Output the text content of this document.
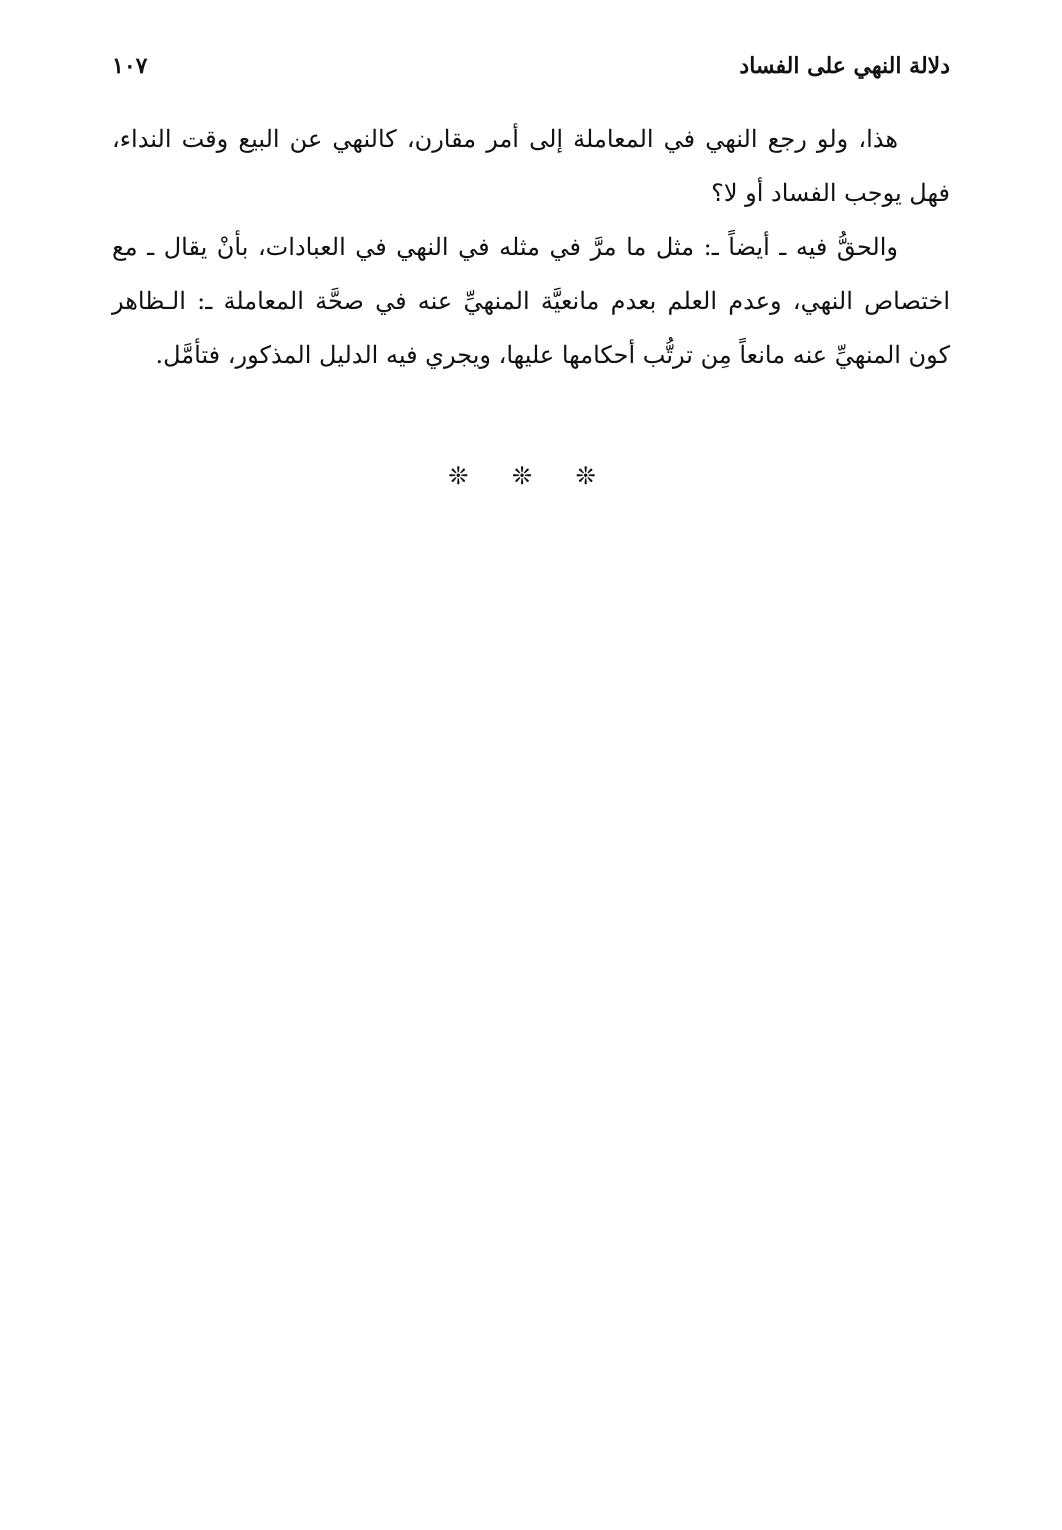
دلالة النهي على الفساد
١٠٧

هذا، ولو رجع النهي في المعاملة إلى أمر مقارن، كالنهي عن البيع وقت النداء، فهل يوجب الفساد أو لا؟

والحقُّ فيه ـ أيضاً ـ: مثل ما مرَّ في مثله في النهي في العبادات، بأنْ يقال ـ مع اختصاص النهي، وعدم العلم بعدم مانعيَّة المنهيِّ عنه في صحَّة المعاملة ـ: الـظاهر كون المنهيِّ عنه مانعاً مِن ترتُّب أحكامها عليها، ويجري فيه الدليل المذكور، فتأمَّل.

❊ ❊ ❊
